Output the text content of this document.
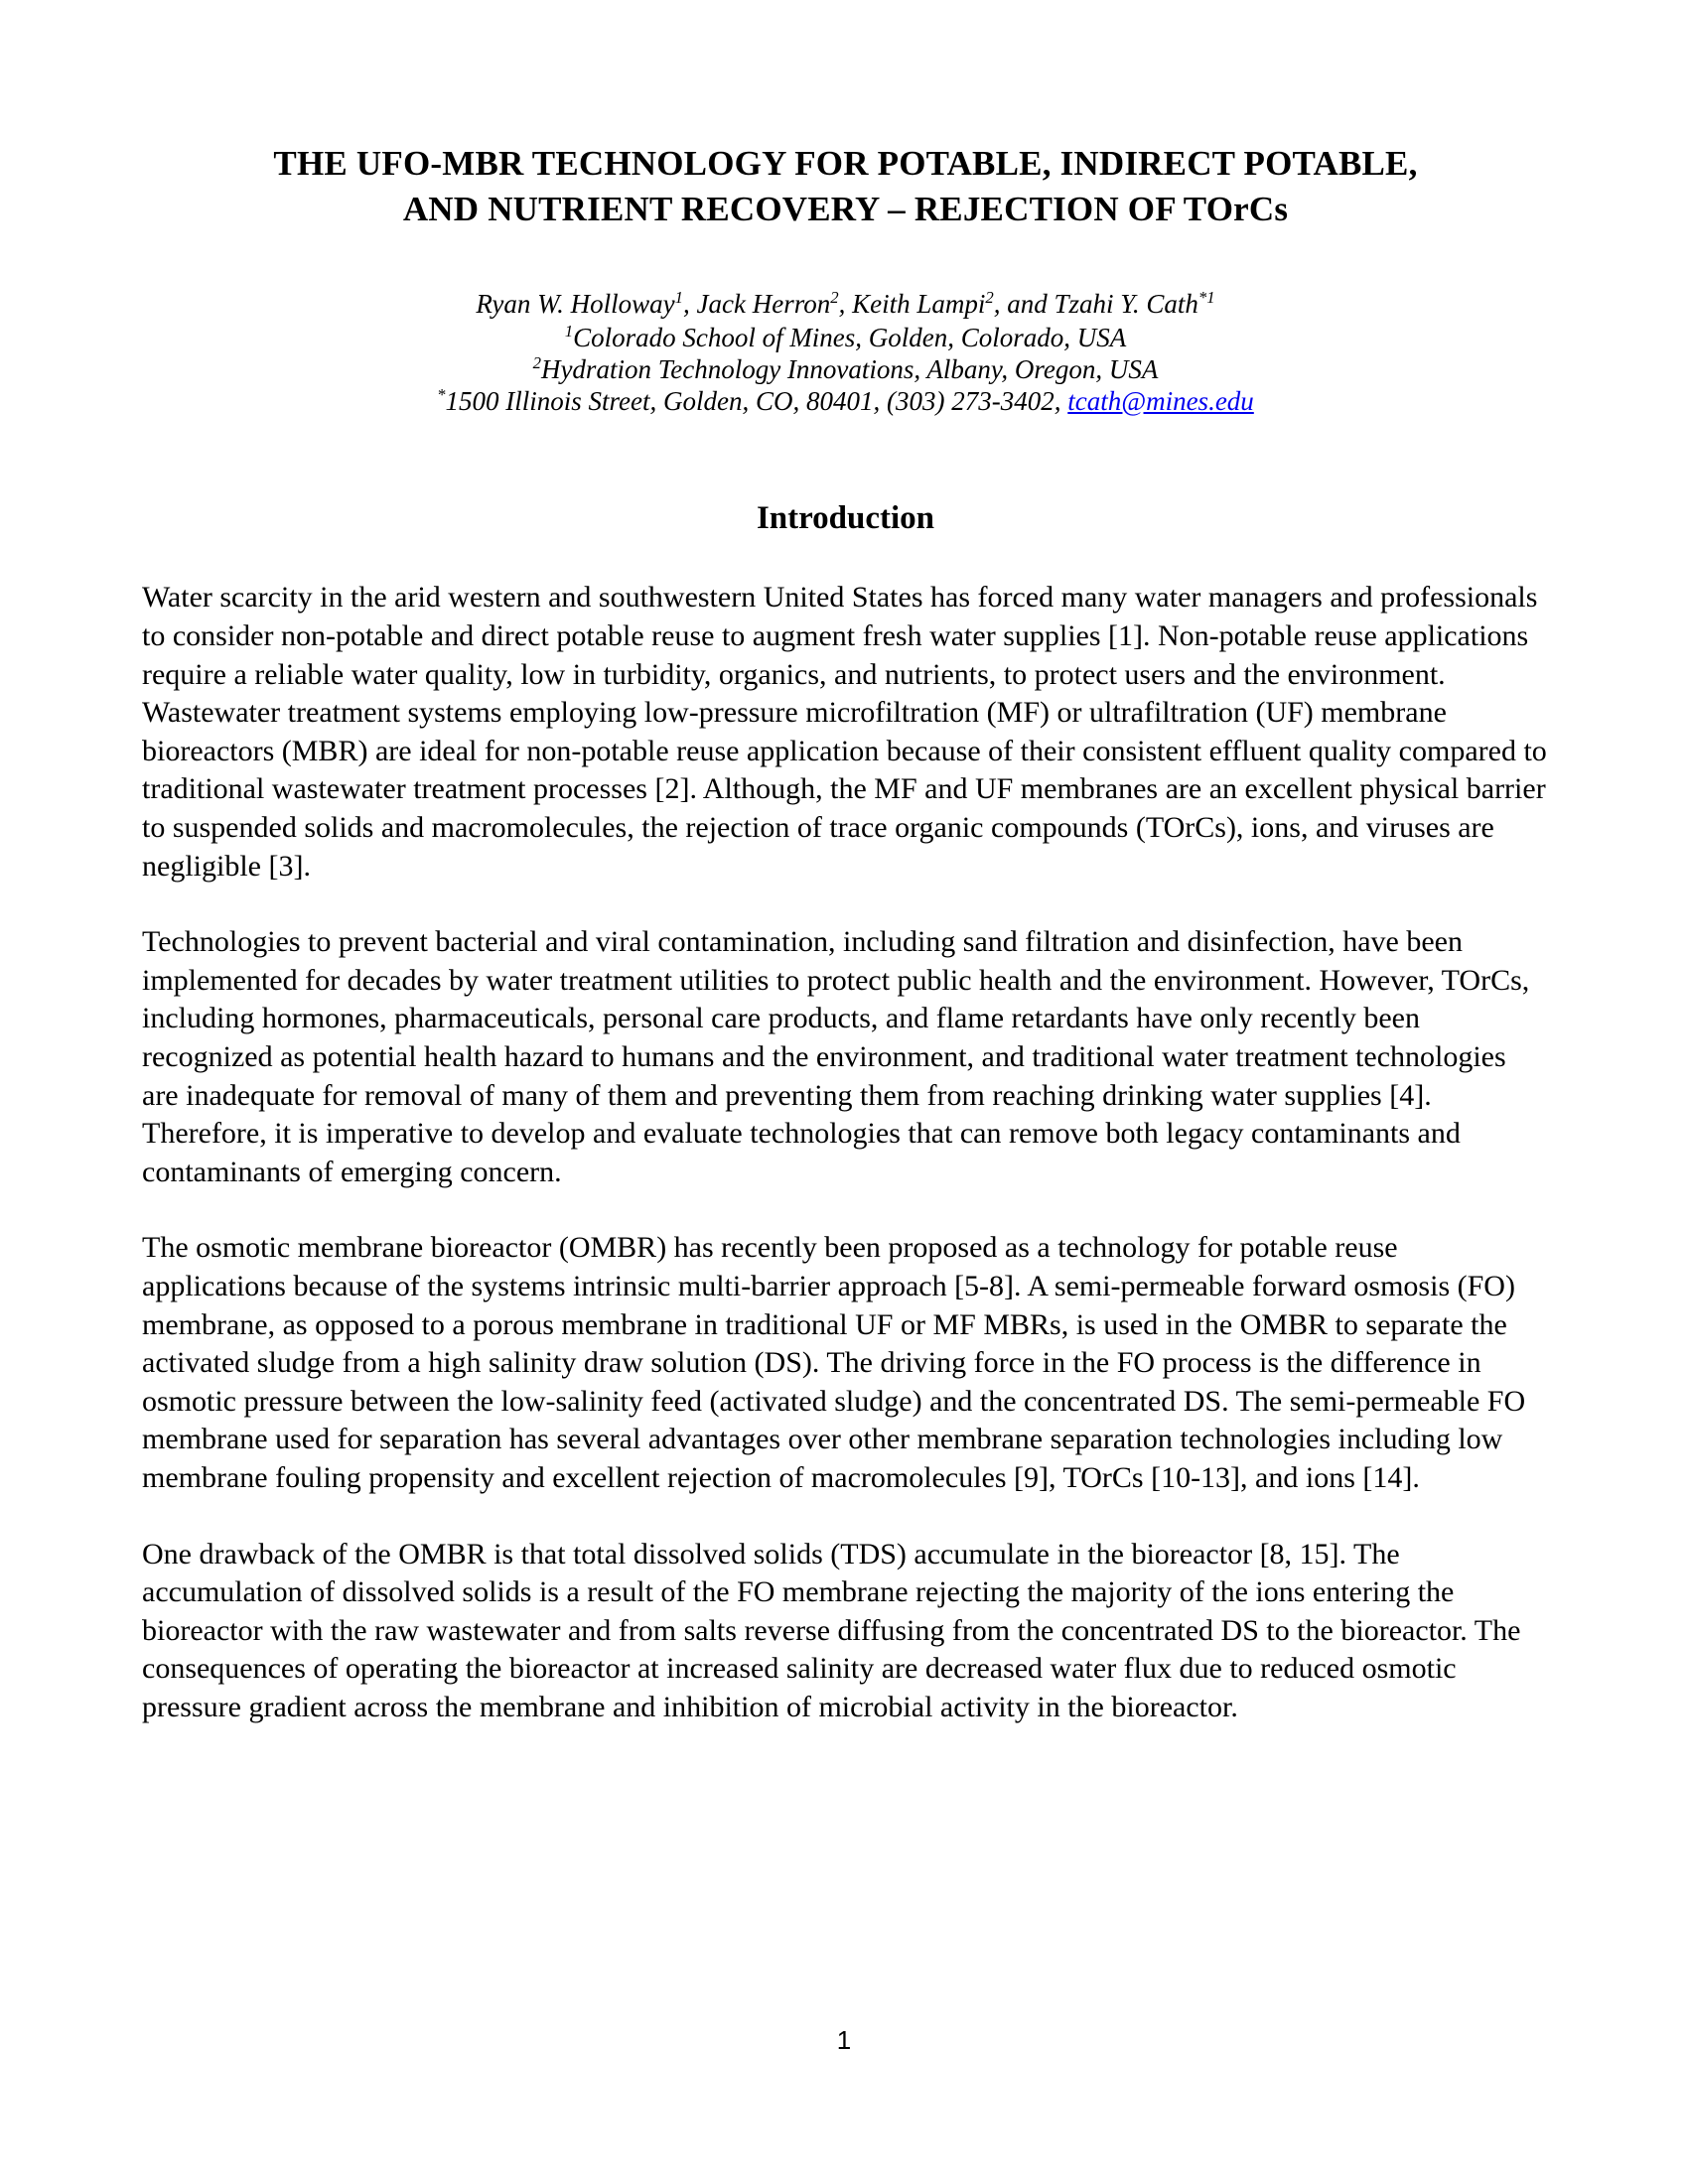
THE UFO-MBR TECHNOLOGY FOR POTABLE, INDIRECT POTABLE,
AND NUTRIENT RECOVERY – REJECTION OF TOrCs
Ryan W. Holloway$^1$, Jack Herron$^2$, Keith Lampi$^2$, and Tzahi Y. Cath$^{*1}$
$^1$Colorado School of Mines, Golden, Colorado, USA
$^2$Hydration Technology Innovations, Albany, Oregon, USA
*1500 Illinois Street, Golden, CO, 80401, (303) 273-3402, tcath@mines.edu
Introduction

Water scarcity in the arid western and southwestern United States has forced many water managers and professionals to consider non-potable and direct potable reuse to augment fresh water supplies [1]. Non-potable reuse applications require a reliable water quality, low in turbidity, organics, and nutrients, to protect users and the environment. Wastewater treatment systems employing low-pressure microfiltration (MF) or ultrafiltration (UF) membrane bioreactors (MBR) are ideal for non-potable reuse application because of their consistent effluent quality compared to traditional wastewater treatment processes [2]. Although, the MF and UF membranes are an excellent physical barrier to suspended solids and macromolecules, the rejection of trace organic compounds (TOrCs), ions, and viruses are negligible [3].

Technologies to prevent bacterial and viral contamination, including sand filtration and disinfection, have been implemented for decades by water treatment utilities to protect public health and the environment. However, TOrCs, including hormones, pharmaceuticals, personal care products, and flame retardants have only recently been recognized as potential health hazard to humans and the environment, and traditional water treatment technologies are inadequate for removal of many of them and preventing them from reaching drinking water supplies [4]. Therefore, it is imperative to develop and evaluate technologies that can remove both legacy contaminants and contaminants of emerging concern.

The osmotic membrane bioreactor (OMBR) has recently been proposed as a technology for potable reuse applications because of the systems intrinsic multi-barrier approach [5-8]. A semi-permeable forward osmosis (FO) membrane, as opposed to a porous membrane in traditional UF or MF MBRs, is used in the OMBR to separate the activated sludge from a high salinity draw solution (DS). The driving force in the FO process is the difference in osmotic pressure between the low-salinity feed (activated sludge) and the concentrated DS. The semi-permeable FO membrane used for separation has several advantages over other membrane separation technologies including low membrane fouling propensity and excellent rejection of macromolecules [9], TOrCs [10-13], and ions [14].

One drawback of the OMBR is that total dissolved solids (TDS) accumulate in the bioreactor [8, 15]. The accumulation of dissolved solids is a result of the FO membrane rejecting the majority of the ions entering the bioreactor with the raw wastewater and from salts reverse diffusing from the concentrated DS to the bioreactor. The consequences of operating the bioreactor at increased salinity are decreased water flux due to reduced osmotic pressure gradient across the membrane and inhibition of microbial activity in the bioreactor.

1
